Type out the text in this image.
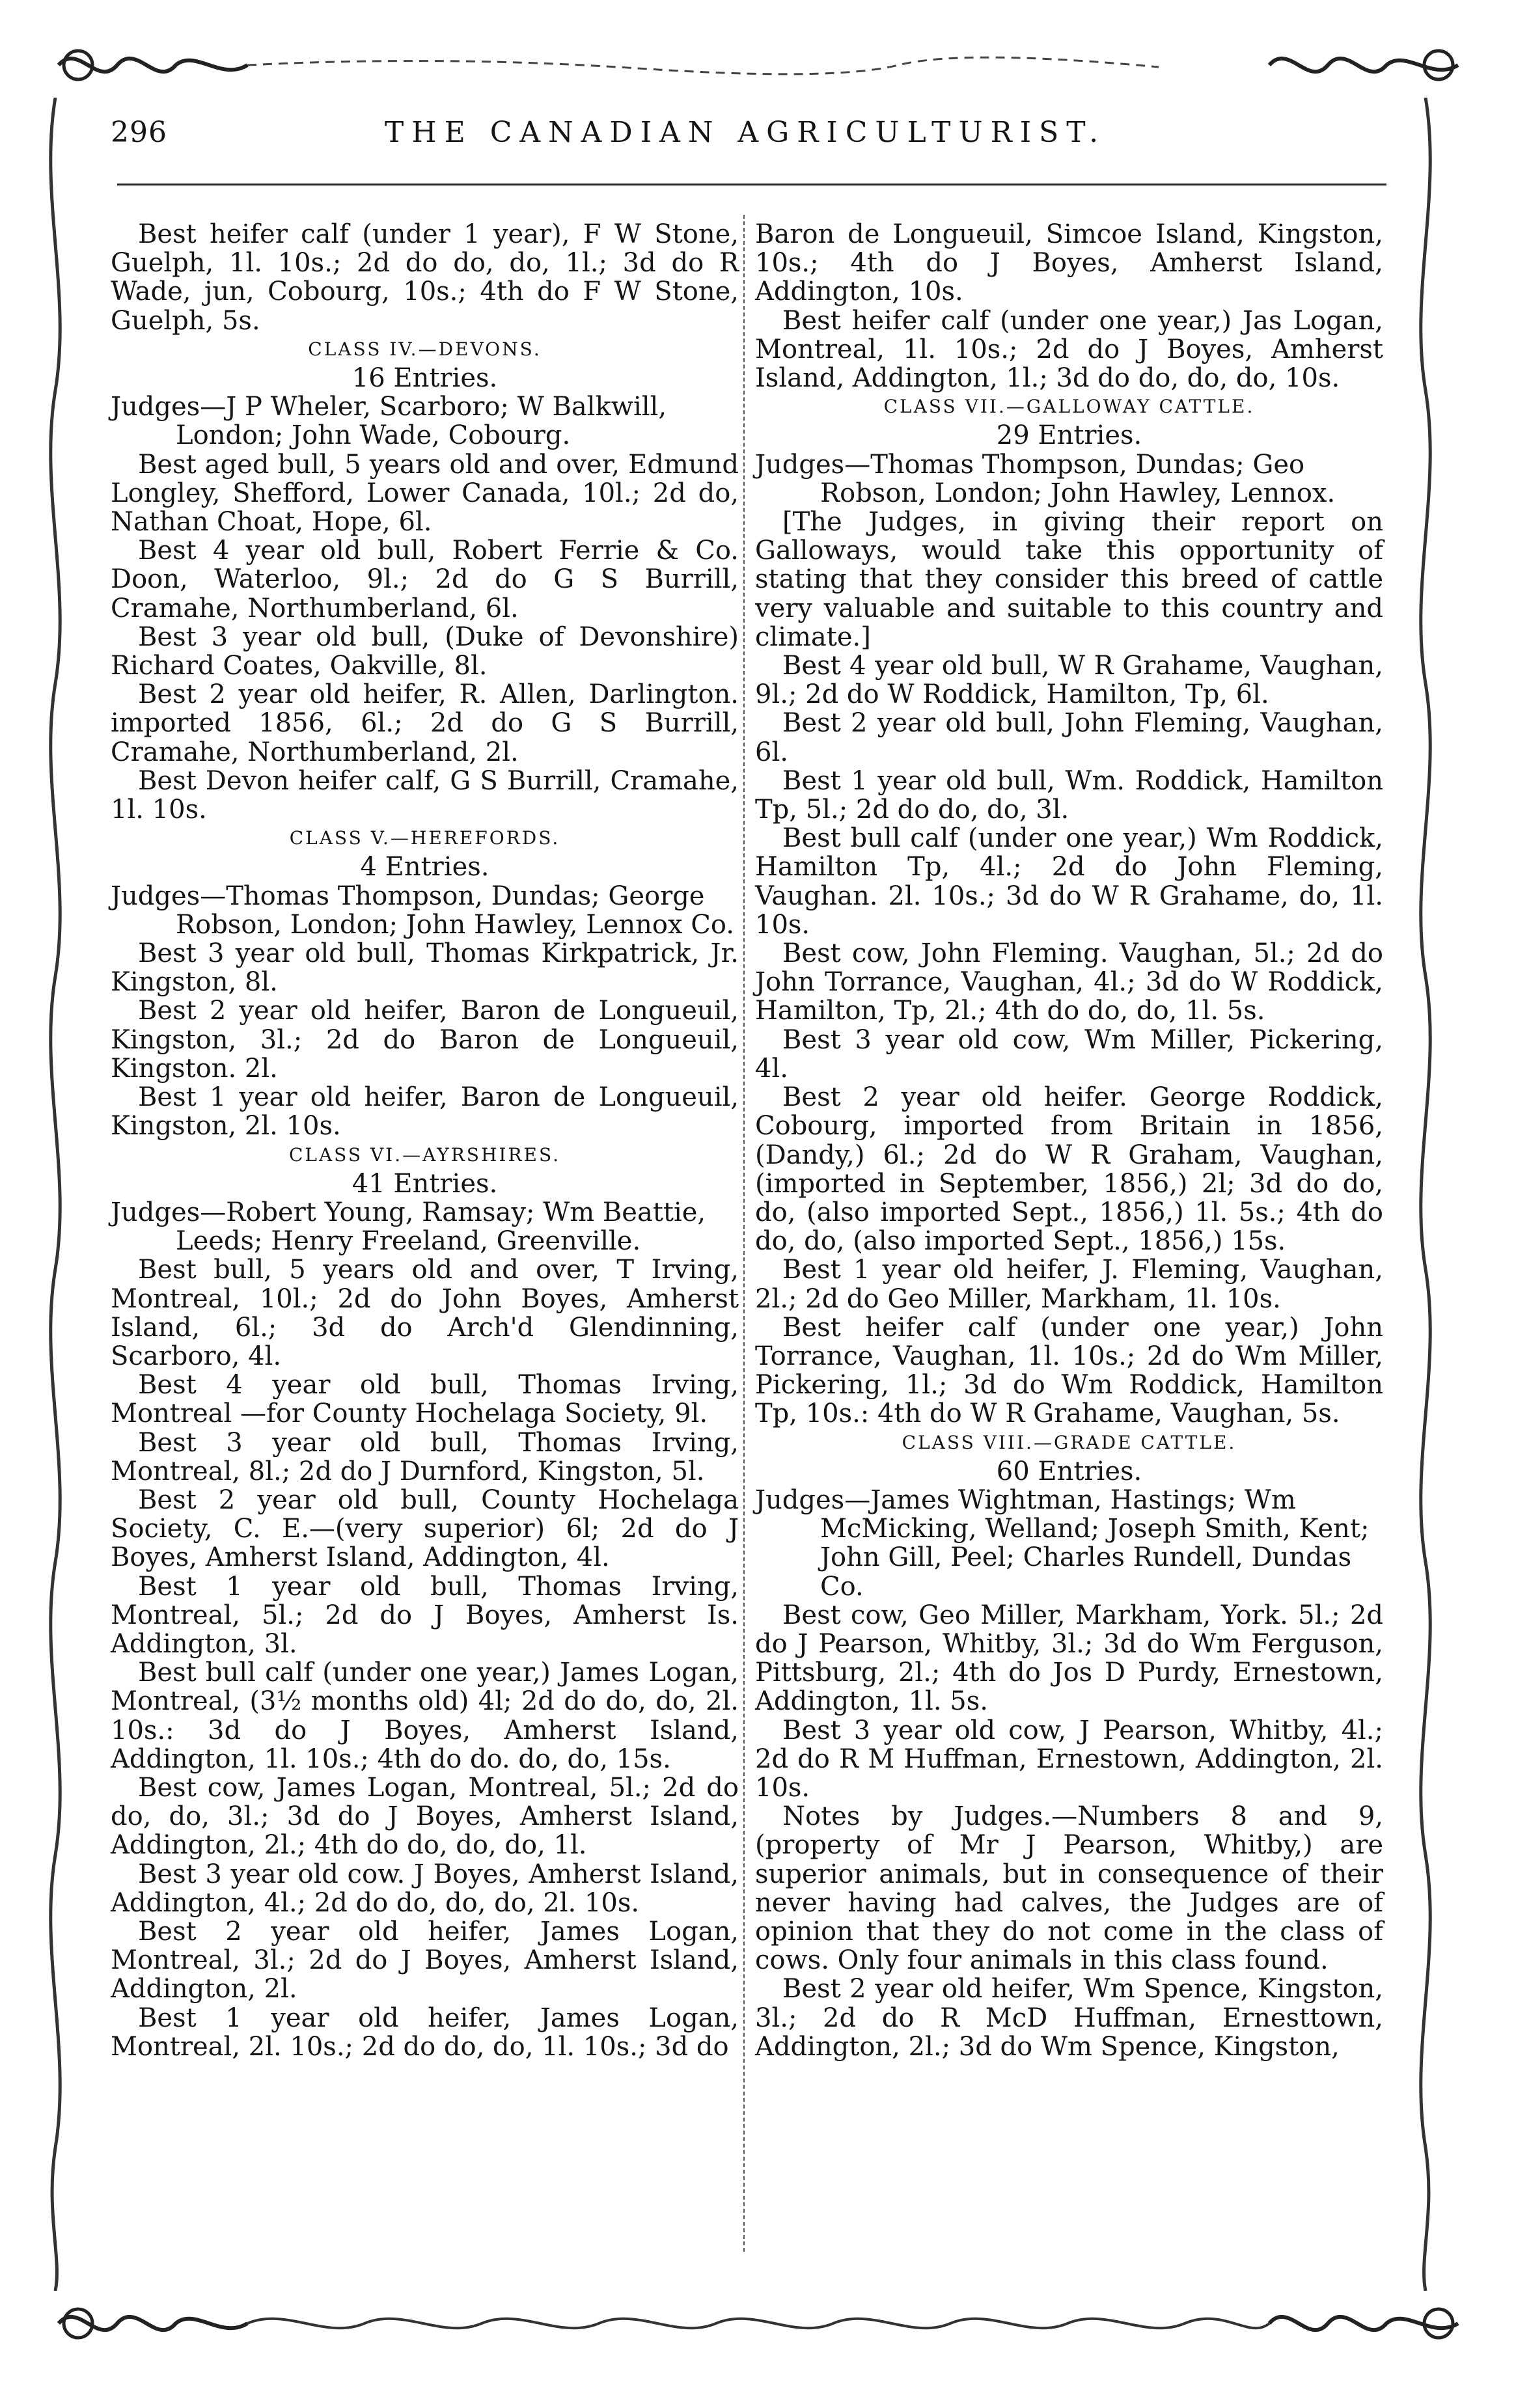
296	THE CANADIAN AGRICULTURIST.

Best heifer calf (under 1 year), F W Stone, Guelph, 1l. 10s.; 2d do do, do, 1l.; 3d do R Wade, jun, Cobourg, 10s.; 4th do F W Stone, Guelph, 5s.

CLASS IV.—DEVONS.

16 Entries.

Judges—J P Wheler, Scarboro; W Balkwill, London; John Wade, Cobourg.

Best aged bull, 5 years old and over, Edmund Longley, Shefford, Lower Canada, 10l.; 2d do, Nathan Choat, Hope, 6l.

Best 4 year old bull, Robert Ferrie & Co. Doon, Waterloo, 9l.; 2d do G S Burrill, Cramahe, Northumberland, 6l.

Best 3 year old bull, (Duke of Devonshire) Richard Coates, Oakville, 8l.

Best 2 year old heifer, R. Allen, Darlington. imported 1856, 6l.; 2d do G S Burrill, Cramahe, Northumberland, 2l.

Best Devon heifer calf, G S Burrill, Cramahe, 1l. 10s.

CLASS V.—HEREFORDS.

4 Entries.

Judges—Thomas Thompson, Dundas; George Robson, London; John Hawley, Lennox Co.

Best 3 year old bull, Thomas Kirkpatrick, Jr. Kingston, 8l.

Best 2 year old heifer, Baron de Longueuil, Kingston, 3l.; 2d do Baron de Longueuil, Kingston. 2l.

Best 1 year old heifer, Baron de Longueuil, Kingston, 2l. 10s.

CLASS VI.—AYRSHIRES.

41 Entries.

Judges—Robert Young, Ramsay; Wm Beattie, Leeds; Henry Freeland, Greenville.

Best bull, 5 years old and over, T Irving, Montreal, 10l.; 2d do John Boyes, Amherst Island, 6l.; 3d do Arch'd Glendinning, Scarboro, 4l.

Best 4 year old bull, Thomas Irving, Montreal —for County Hochelaga Society, 9l.

Best 3 year old bull, Thomas Irving, Montreal, 8l.; 2d do J Durnford, Kingston, 5l.

Best 2 year old bull, County Hochelaga Society, C. E.—(very superior) 6l; 2d do J Boyes, Amherst Island, Addington, 4l.

Best 1 year old bull, Thomas Irving, Montreal, 5l.; 2d do J Boyes, Amherst Is. Addington, 3l.

Best bull calf (under one year,) James Logan, Montreal, (3½ months old) 4l; 2d do do, do, 2l. 10s.: 3d do J Boyes, Amherst Island, Addington, 1l. 10s.; 4th do do. do, do, 15s.

Best cow, James Logan, Montreal, 5l.; 2d do do, do, 3l.; 3d do J Boyes, Amherst Island, Addington, 2l.; 4th do do, do, do, 1l.

Best 3 year old cow. J Boyes, Amherst Island, Addington, 4l.; 2d do do, do, do, 2l. 10s.

Best 2 year old heifer, James Logan, Montreal, 3l.; 2d do J Boyes, Amherst Island, Addington, 2l.

Best 1 year old heifer, James Logan, Montreal, 2l. 10s.; 2d do do, do, 1l. 10s.; 3d do

Baron de Longueuil, Simcoe Island, Kingston, 10s.; 4th do J Boyes, Amherst Island, Addington, 10s.

Best heifer calf (under one year,) Jas Logan, Montreal, 1l. 10s.; 2d do J Boyes, Amherst Island, Addington, 1l.; 3d do do, do, do, 10s.

CLASS VII.—GALLOWAY CATTLE.

29 Entries.

Judges—Thomas Thompson, Dundas; Geo Robson, London; John Hawley, Lennox.

[The Judges, in giving their report on Galloways, would take this opportunity of stating that they consider this breed of cattle very valuable and suitable to this country and climate.]

Best 4 year old bull, W R Grahame, Vaughan, 9l.; 2d do W Roddick, Hamilton, Tp, 6l.

Best 2 year old bull, John Fleming, Vaughan, 6l.

Best 1 year old bull, Wm. Roddick, Hamilton Tp, 5l.; 2d do do, do, 3l.

Best bull calf (under one year,) Wm Roddick, Hamilton Tp, 4l.; 2d do John Fleming, Vaughan. 2l. 10s.; 3d do W R Grahame, do, 1l. 10s.

Best cow, John Fleming. Vaughan, 5l.; 2d do John Torrance, Vaughan, 4l.; 3d do W Roddick, Hamilton, Tp, 2l.; 4th do do, do, 1l. 5s.

Best 3 year old cow, Wm Miller, Pickering, 4l.

Best 2 year old heifer. George Roddick, Cobourg, imported from Britain in 1856, (Dandy,) 6l.; 2d do W R Graham, Vaughan, (imported in September, 1856,) 2l; 3d do do, do, (also imported Sept., 1856,) 1l. 5s.; 4th do do, do, (also imported Sept., 1856,) 15s.

Best 1 year old heifer, J. Fleming, Vaughan, 2l.; 2d do Geo Miller, Markham, 1l. 10s.

Best heifer calf (under one year,) John Torrance, Vaughan, 1l. 10s.; 2d do Wm Miller, Pickering, 1l.; 3d do Wm Roddick, Hamilton Tp, 10s.: 4th do W R Grahame, Vaughan, 5s.

CLASS VIII.—GRADE CATTLE.

60 Entries.

Judges—James Wightman, Hastings; Wm McMicking, Welland; Joseph Smith, Kent; John Gill, Peel; Charles Rundell, Dundas Co.

Best cow, Geo Miller, Markham, York. 5l.; 2d do J Pearson, Whitby, 3l.; 3d do Wm Ferguson, Pittsburg, 2l.; 4th do Jos D Purdy, Ernestown, Addington, 1l. 5s.

Best 3 year old cow, J Pearson, Whitby, 4l.; 2d do R M Huffman, Ernestown, Addington, 2l. 10s.

Notes by Judges.—Numbers 8 and 9, (property of Mr J Pearson, Whitby,) are superior animals, but in consequence of their never having had calves, the Judges are of opinion that they do not come in the class of cows. Only four animals in this class found.

Best 2 year old heifer, Wm Spence, Kingston, 3l.; 2d do R McD Huffman, Ernesttown, Addington, 2l.; 3d do Wm Spence, Kingston,
